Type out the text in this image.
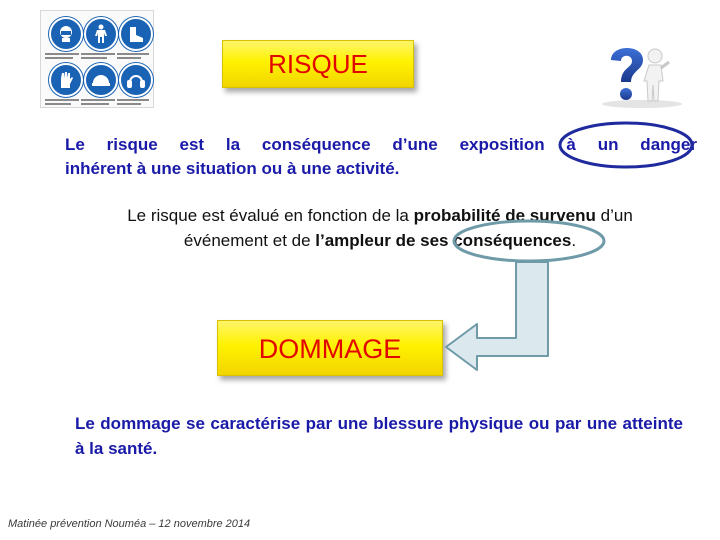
RISQUE
Le risque est la conséquence d’une exposition à un danger
inhérent à une situation ou à une activité.
Le risque est évalué en fonction de la probabilité de survenu d’un
événement et de l’ampleur de ses conséquences.
DOMMAGE
Le dommage se caractérise par une blessure physique ou par une atteinte à la santé.
Matinée prévention Nouméa – 12 novembre 2014
